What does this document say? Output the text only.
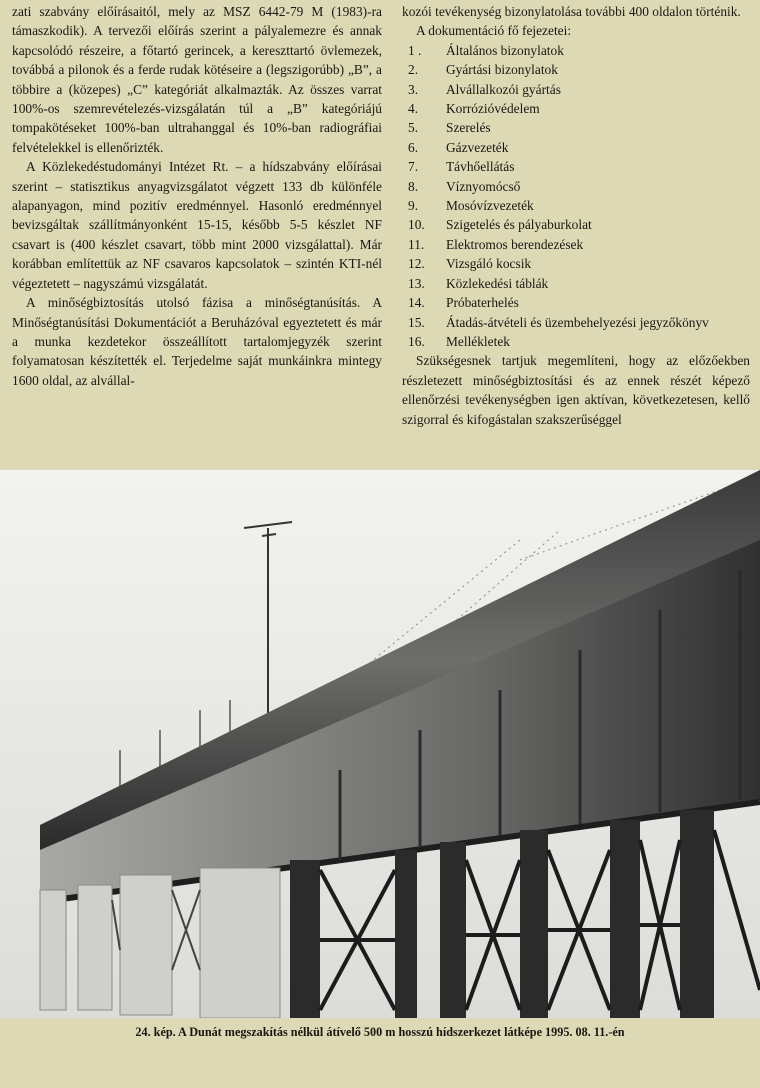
zati szabvány előírásaitól, mely az MSZ 6442-79 M (1983)-ra támaszkodik). A tervezői előírás szerint a pályalemezre és annak kapcsolódó részeire, a főtartó gerincek, a kereszttartó övlemezek, továbbá a pilonok és a ferde rudak kötéseire a (legszigorúbb) „B”, a többire a (közepes) „C” kategóriát alkalmazták. Az összes varrat 100%-os szemrevételezés-vizsgálatán túl a „B” kategóriájú tompakötéseket 100%-ban ultrahanggal és 10%-ban radiográfiai felvételekkel is ellenőrizték.

A Közlekedéstudományi Intézet Rt. – a hídszabvány előírásai szerint – statisztikus anyagvizsgálatot végzett 133 db különféle alapanyagon, mind pozitív eredménnyel. Hasonló eredménnyel bevizsgáltak szállítmányonként 15-15, később 5-5 készlet NF csavart is (400 készlet csavart, több mint 2000 vizsgálattal). Már korábban említettük az NF csavaros kapcsolatok – szintén KTI-nél végeztetett – nagyszámú vizsgálatát.

A minőségbiztosítás utolsó fázisa a minőségtanúsítás. A Minőségtanúsítási Dokumentációt a Beruházóval egyeztetett és már a munka kezdetekor összeállított tartalomjegyzék szerint folyamatosan készítették el. Terjedelme saját munkáinkra mintegy 1600 oldal, az alvállal-

kozói tevékenység bizonylatolása további 400 oldalon történik.

A dokumentáció fő fejezetei:

1 .	Általános bizonylatok
2.	Gyártási bizonylatok
3.	Alvállalkozói gyártás
4.	Korrózióvédelem
5.	Szerelés
6.	Gázvezeték
7.	Távhőellátás
8.	Víznyomócső
9.	Mosóvízvezeték
10.	Szigetelés és pályaburkolat
11.	Elektromos berendezések
12.	Vizsgáló kocsik
13.	Közlekedési táblák
14.	Próbaterhelés
15.	Átadás-átvételi és üzembehelyezési jegyzőkönyv
16.	Mellékletek

Szükségesnek tartjuk megemlíteni, hogy az előzőekben részletezett minőségbiztosítási és az ennek részét képező ellenőrzési tevékenységben igen aktívan, következetesen, kellő szigorral és kifogástalan szakszerűséggel

24. kép. A Dunát megszakítás nélkül átívelő 500 m hosszú hídszerkezet látképe 1995. 08. 11.-én
